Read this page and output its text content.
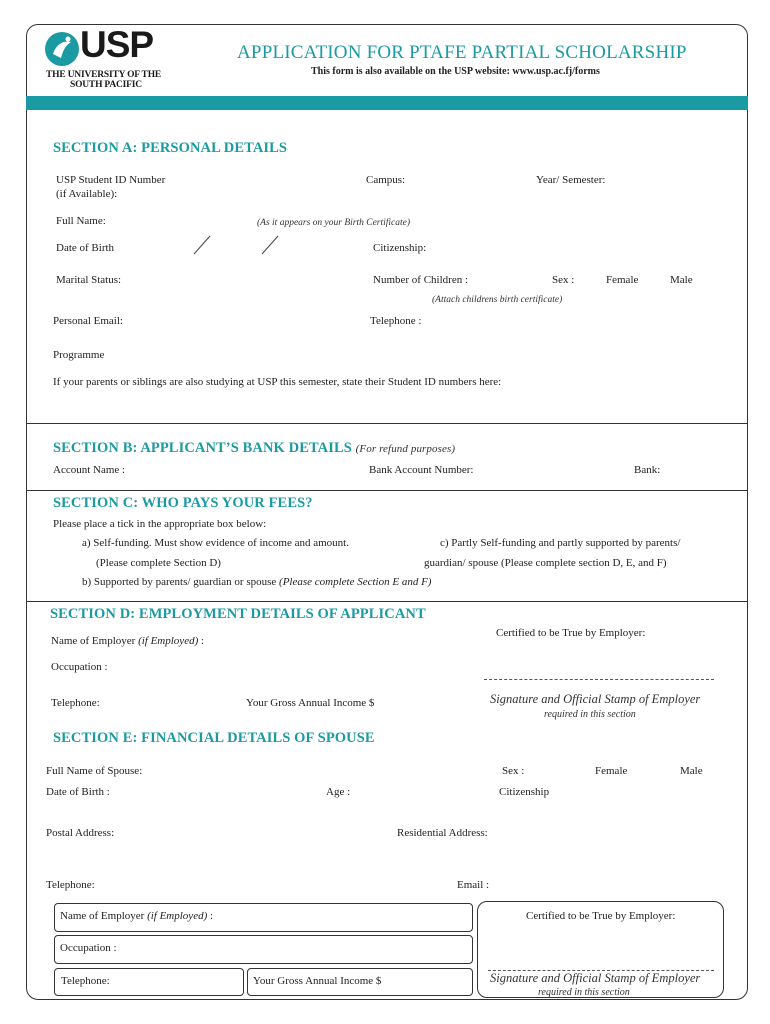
USP
THE UNIVERSITY OF THE
SOUTH PACIFIC
APPLICATION FOR PTAFE PARTIAL SCHOLARSHIP
This form is also available on the USP website: www.usp.ac.fj/forms
SECTION A: PERSONAL DETAILS
USP Student ID Number
(if Available):
Campus:	Year/ Semester:
Full Name:	(As it appears on your Birth Certificate)
Date of Birth	Citizenship:
Marital Status:	Number of Children :	Sex :	Female	Male
(Attach childrens birth certificate)
Personal Email:	Telephone :
Programme
If your parents or siblings are also studying at USP this semester, state their Student ID numbers here:
SECTION B: APPLICANT’S BANK DETAILS (For refund purposes)
Account Name :	Bank Account Number:	Bank:
SECTION C: WHO PAYS YOUR FEES?
Please place a tick in the appropriate box below:
a) Self-funding. Must show evidence of income and amount.
(Please complete Section D)
c) Partly Self-funding and partly supported by parents/
guardian/ spouse (Please complete section D, E, and F)
b) Supported by parents/ guardian or spouse (Please complete Section E and F)
SECTION D: EMPLOYMENT DETAILS OF APPLICANT
Name of Employer (if Employed) :
Certified to be True by Employer:
Occupation :
Telephone:	Your Gross Annual Income $	Signature and Official Stamp of Employer
required in this section
SECTION E: FINANCIAL DETAILS OF SPOUSE
Full Name of Spouse:	Sex :	Female	Male
Date of Birth :	Age :	Citizenship
Postal Address:	Residential Address:
Telephone:	Email :
Name of Employer (if Employed) :
Occupation :
Telephone:	Your Gross Annual Income $
Certified to be True by Employer:
Signature and Official Stamp of Employer
required in this section
